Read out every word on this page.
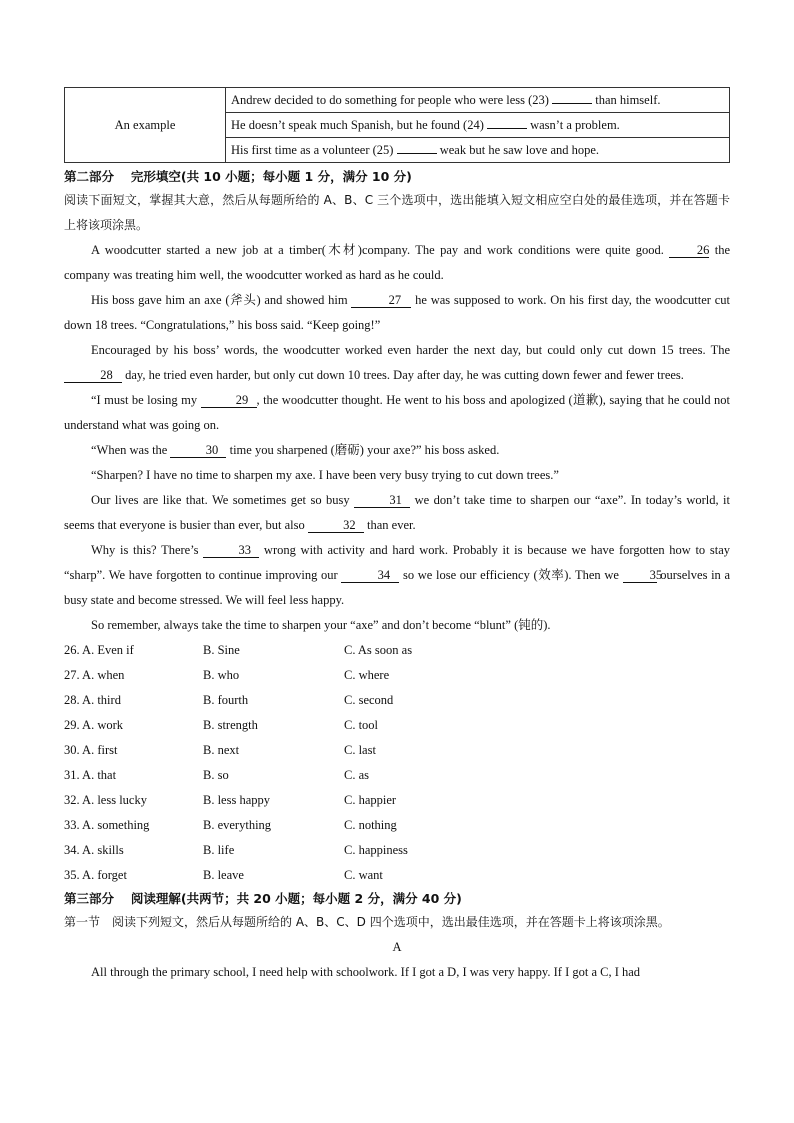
An example	Andrew decided to do something for people who were less (23)	than himself.
He doesn’t speak much Spanish, but he found (24)	wasn’t a problem.
His first time as a volunteer (25)	weak but he saw love and hope.
第二部分　 完形填空(共 10 小题；每小题 1 分，满分 10 分)

阅读下面短文，掌握其大意，然后从每题所给的 A、B、C 三个选项中，选出能填入短文相应空白处的最佳选项，并在答题卡上将该项涂黑。

A woodcutter started a new job at a timber(木材)company. The pay and work conditions were quite good.	26 the company was treating him well, the woodcutter worked as hard as he could.

His boss gave him an axe (斧头) and showed him	27 he was supposed to work. On his first day, the woodcutter cut down 18 trees. “Congratulations,” his boss said. “Keep going!”

Encouraged by his boss’ words, the woodcutter worked even harder the next day, but could only cut down 15 trees. The 28 day, he tried even harder, but only cut down 10 trees. Day after day, he was cutting down fewer and fewer trees.

“I must be losing my	29 , the woodcutter thought. He went to his boss and apologized (道歉), saying that he could not understand what was going on.

“When was the	30 time you sharpened (磨砺) your axe?” his boss asked.

“Sharpen? I have no time to sharpen my axe. I have been very busy trying to cut down trees.”

Our lives are like that. We sometimes get so busy	31 we don’t take time to sharpen our “axe”. In today’s world, it seems that everyone is busier than ever, but also	32 than ever.

Why is this? There’s	33 wrong with activity and hard work. Probably it is because we have forgotten how to stay “sharp”. We have forgotten to continue improving our	34 so we lose our efficiency (效率). Then we 35 ourselves in a busy state and become stressed. We will feel less happy.

So remember, always take the time to sharpen your “axe” and don’t become “blunt” (钝的).

26. A. Even if	B. Sine	C. As soon as
27. A. when	B. who	C. where
28. A. third	B. fourth	C. second
29. A. work	B. strength	C. tool
30. A. first	B. next	C. last
31. A. that	B. so	C. as
32. A. less lucky	B. less happy	C. happier
33. A. something	B. everything	C. nothing
34. A. skills	B. life	C. happiness
35. A. forget	B. leave	C. want
第三部分　 阅读理解(共两节；共 20 小题；每小题 2 分，满分 40 分)

第一节　阅读下列短文，然后从每题所给的 A、B、C、D 四个选项中，选出最佳选项，并在答题卡上将该项涂黑。

A

All through the primary school, I need help with schoolwork. If I got a D, I was very happy. If I got a C, I had
